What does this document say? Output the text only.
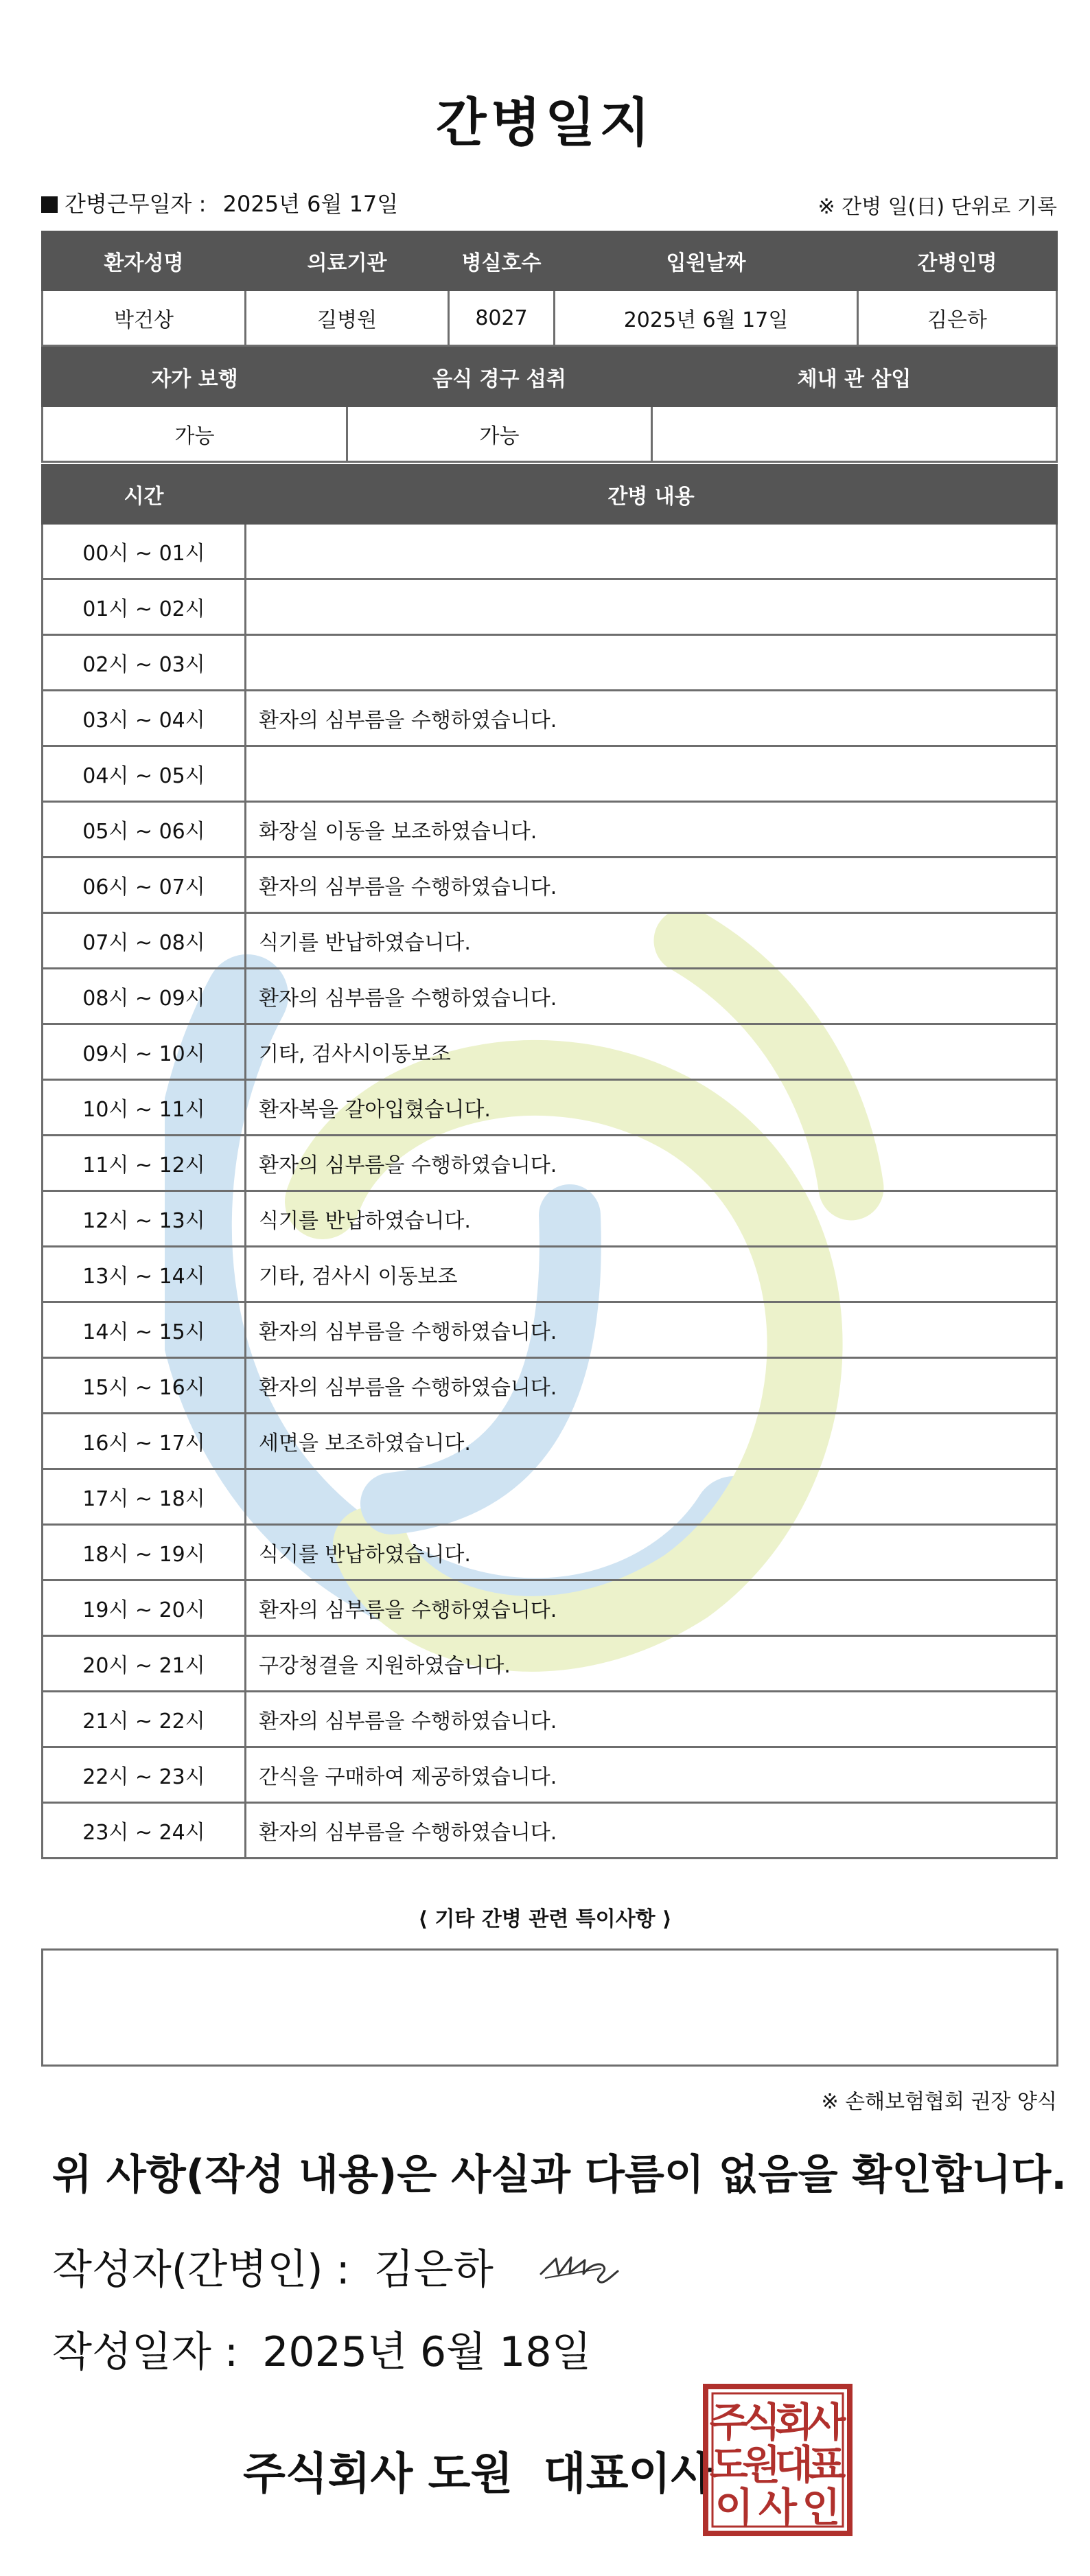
간병일지
간병근무일자 : 2025년 6월 17일	※ 간병 일(日) 단위로 기록
환자성명	의료기관	병실호수	입원날짜	간병인명
박건상	길병원	8027	2025년 6월 17일	김은하
자가 보행	음식 경구 섭취	체내 관 삽입
가능	가능	
시간	간병 내용
00시 ~ 01시	
01시 ~ 02시	
02시 ~ 03시	
03시 ~ 04시	환자의 심부름을 수행하였습니다.
04시 ~ 05시	
05시 ~ 06시	화장실 이동을 보조하였습니다.
06시 ~ 07시	환자의 심부름을 수행하였습니다.
07시 ~ 08시	식기를 반납하였습니다.
08시 ~ 09시	환자의 심부름을 수행하였습니다.
09시 ~ 10시	기타, 검사시이동보조
10시 ~ 11시	환자복을 갈아입혔습니다.
11시 ~ 12시	환자의 심부름을 수행하였습니다.
12시 ~ 13시	식기를 반납하였습니다.
13시 ~ 14시	기타, 검사시 이동보조
14시 ~ 15시	환자의 심부름을 수행하였습니다.
15시 ~ 16시	환자의 심부름을 수행하였습니다.
16시 ~ 17시	세면을 보조하였습니다.
17시 ~ 18시	
18시 ~ 19시	식기를 반납하였습니다.
19시 ~ 20시	환자의 심부름을 수행하였습니다.
20시 ~ 21시	구강청결을 지원하였습니다.
21시 ~ 22시	환자의 심부름을 수행하였습니다.
22시 ~ 23시	간식을 구매하여 제공하였습니다.
23시 ~ 24시	환자의 심부름을 수행하였습니다.
⟨ 기타 간병 관련 특이사항 ⟩
※ 손해보험협회 권장 양식
위 사항(작성 내용)은 사실과 다름이 없음을 확인합니다.
작성자(간병인) : 김은하
작성일자 : 2025년 6월 18일
주식회사 도원  대표이사
주
식
회
사
도
원
대
표
이 사 인
